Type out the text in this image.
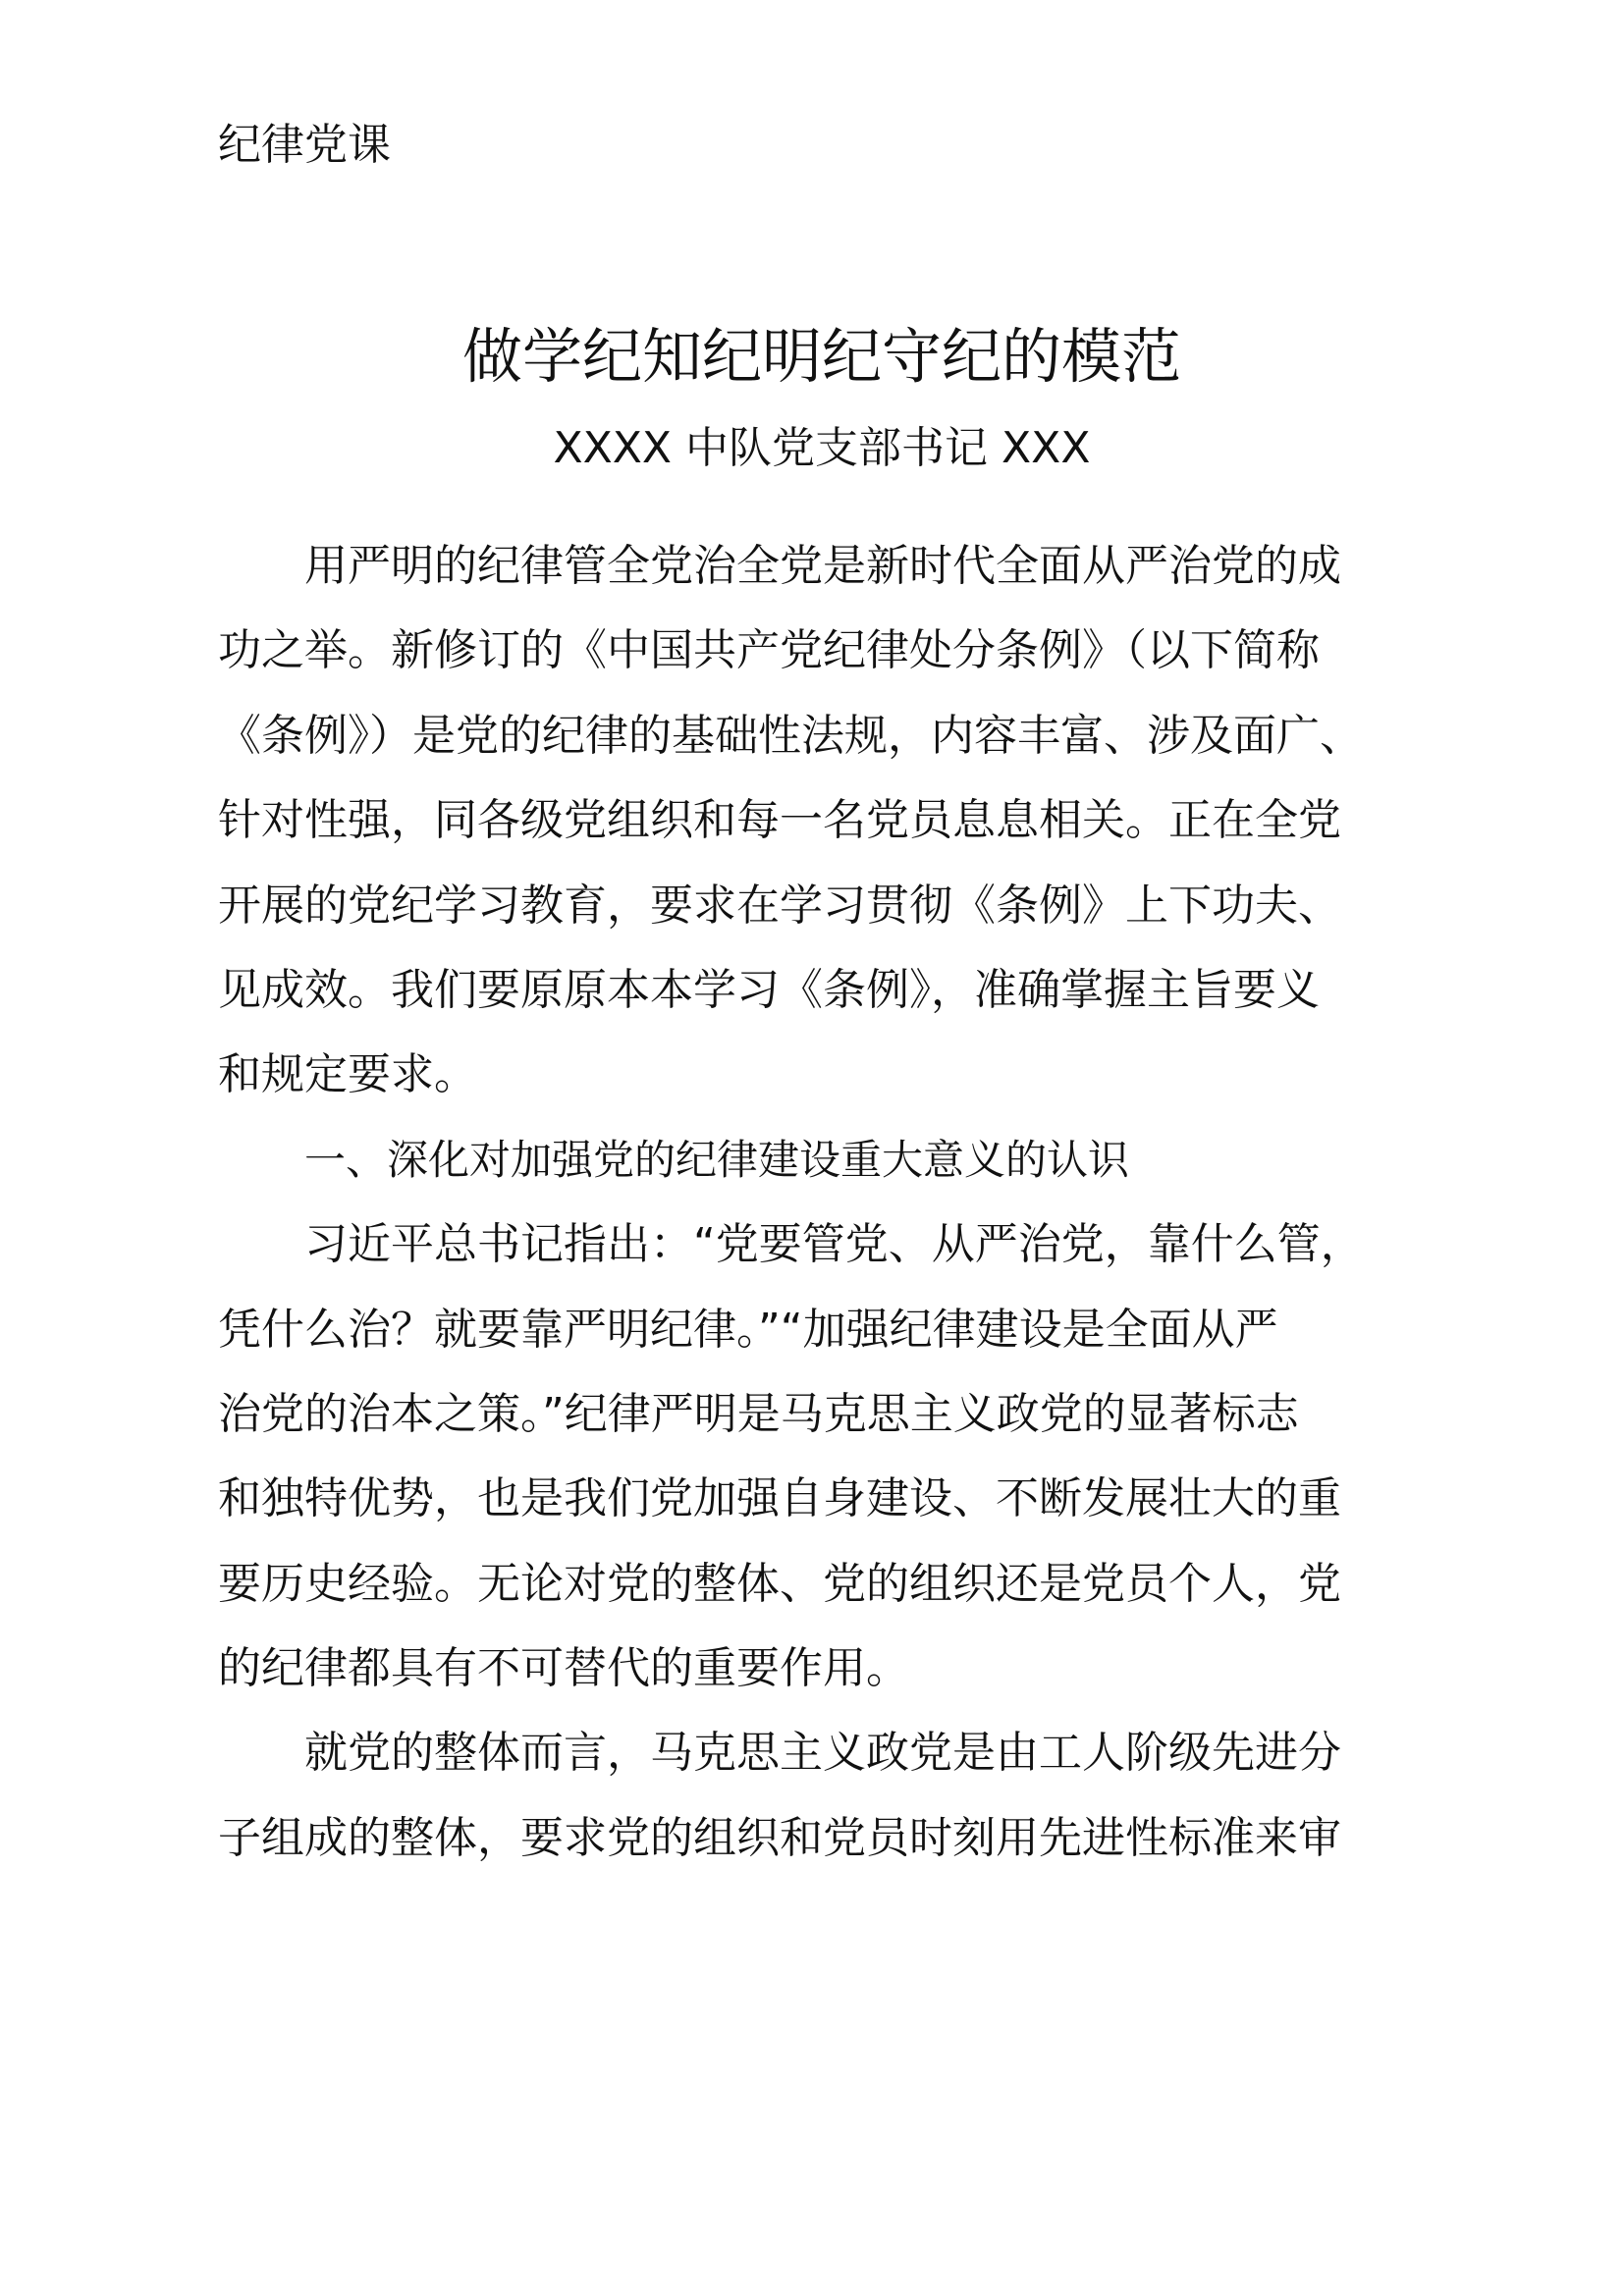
纪律党课

做学纪知纪明纪守纪的模范

XXXX 中队党支部书记 XXX

用严明的纪律管全党治全党是新时代全面从严治党的成
功之举。新修订的《中国共产党纪律处分条例》（以下简称
《条例》）是党的纪律的基础性法规，内容丰富、涉及面广、
针对性强，同各级党组织和每一名党员息息相关。正在全党
开展的党纪学习教育，要求在学习贯彻《条例》上下功夫、
见成效。我们要原原本本学习《条例》，准确掌握主旨要义
和规定要求。
一、深化对加强党的纪律建设重大意义的认识
习近平总书记指出：“党要管党、从严治党，靠什么管，
凭什么治？就要靠严明纪律。”“加强纪律建设是全面从严
治党的治本之策。”纪律严明是马克思主义政党的显著标志
和独特优势，也是我们党加强自身建设、不断发展壮大的重
要历史经验。无论对党的整体、党的组织还是党员个人，党
的纪律都具有不可替代的重要作用。
就党的整体而言，马克思主义政党是由工人阶级先进分
子组成的整体，要求党的组织和党员时刻用先进性标准来审
